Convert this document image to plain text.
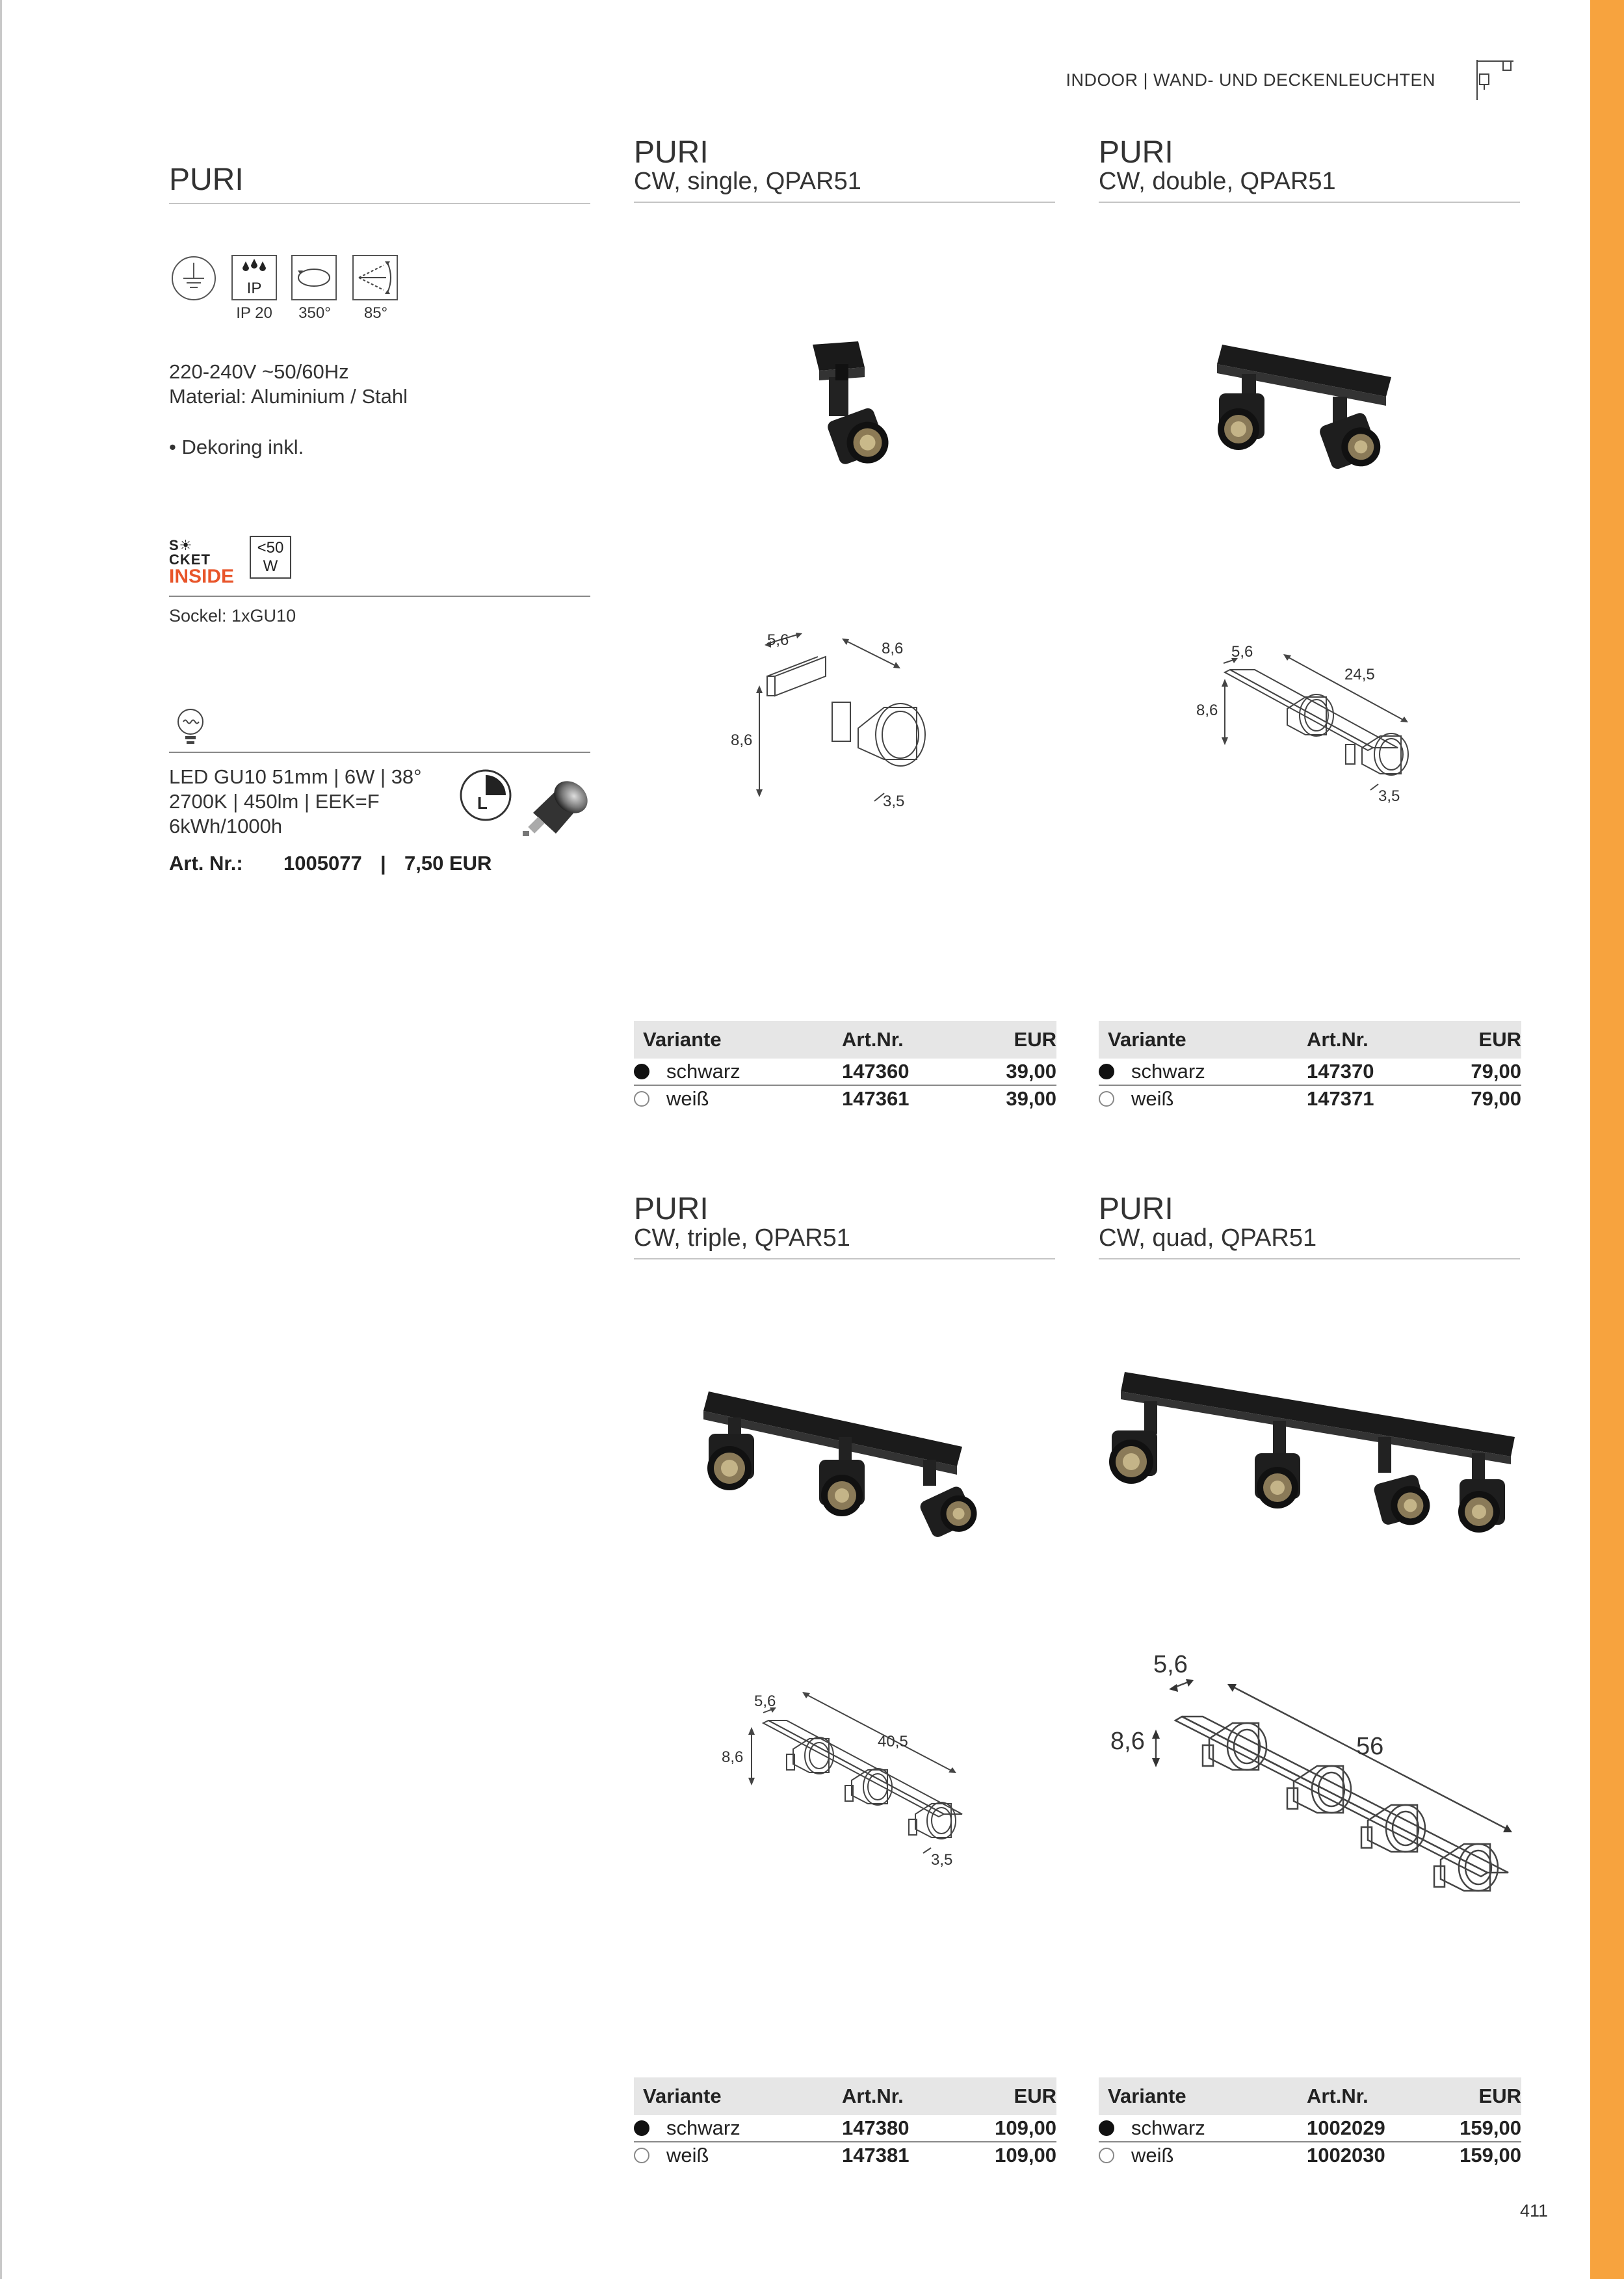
INDOOR | WAND- UND DECKENLEUCHTEN
PURI
IP
IP 20	350°	85°
220-240V ~50/60Hz
Material: Aluminium / Stahl
• Dekoring inkl.
S☀CKET
INSIDE
<50
W
Sockel: 1xGU10
LED GU10 51mm | 6W | 38°
2700K | 450lm | EEK=F
6kWh/1000h
L
Art. Nr.: 1005077 | 7,50 EUR
PURI
CW, single, QPAR51
5,6	8,6
8,6
3,5
Variante	Art.Nr.	EUR
schwarz	147360	39,00
weiß	147361	39,00
PURI
CW, double, QPAR51
5,6
24,5
8,6
3,5
Variante	Art.Nr.	EUR
schwarz	147370	79,00
weiß	147371	79,00
PURI
CW, triple, QPAR51
5,6
40,5
8,6
3,5
Variante	Art.Nr.	EUR
schwarz	147380	109,00
weiß	147381	109,00
PURI
CW, quad, QPAR51
5,6
56
8,6
Variante	Art.Nr.	EUR
schwarz	1002029	159,00
weiß	1002030	159,00
411
